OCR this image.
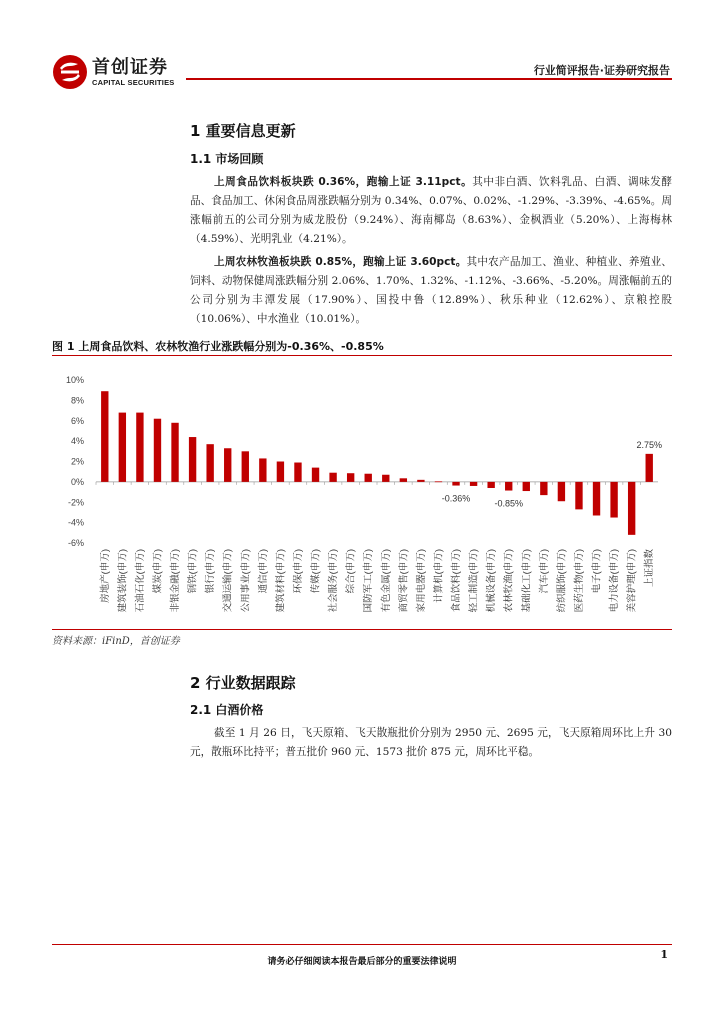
首创证券
CAPITAL SECURITIES
行业简评报告·证券研究报告
1 重要信息更新
1.1 市场回顾
上周食品饮料板块跌 0.36%，跑输上证 3.11pct。其中非白酒、饮料乳品、白酒、调味发酵品、食品加工、休闲食品周涨跌幅分别为 0.34%、0.07%、0.02%、-1.29%、-3.39%、-4.65%。周涨幅前五的公司分别为威龙股份（9.24%）、海南椰岛（8.63%）、金枫酒业（5.20%）、上海梅林（4.59%）、光明乳业（4.21%）。
上周农林牧渔板块跌 0.85%，跑输上证 3.60pct。其中农产品加工、渔业、种植业、养殖业、饲料、动物保健周涨跌幅分别 2.06%、1.70%、1.32%、-1.12%、-3.66%、-5.20%。周涨幅前五的公司分别为丰潭发展（17.90%）、国投中鲁（12.89%）、秋乐种业（12.62%）、京粮控股（10.06%）、中水渔业（10.01%）。
图 1 上周食品饮料、农林牧渔行业涨跌幅分别为-0.36%、-0.85%
10%
8%
6%
4%
2%
0%
-2%
-4%
-6%
-0.36%	-0.85%
2.75%
房地产(申万) 建筑装饰(申万) 石油石化(申万) 煤炭(申万) 非银金融(申万) 钢铁(申万) 银行(申万) 交通运输(申万) 公用事业(申万) 通信(申万) 建筑材料(申万) 环保(申万) 传媒(申万) 社会服务(申万) 综合(申万) 国防军工(申万) 有色金属(申万) 商贸零售(申万) 家用电器(申万) 计算机(申万) 食品饮料(申万) 轻工制造(申万) 机械设备(申万) 农林牧渔(申万) 基础化工(申万) 汽车(申万) 纺织服饰(申万) 医药生物(申万) 电子(申万) 电力设备(申万) 美容护理(申万) 上证指数
资料来源：iFinD，首创证券
2 行业数据跟踪
2.1 白酒价格
截至 1 月 26 日，飞天原箱、飞天散瓶批价分别为 2950 元、2695 元，飞天原箱周环比上升 30 元，散瓶环比持平；普五批价 960 元、1573 批价 875 元，周环比平稳。
1
请务必仔细阅读本报告最后部分的重要法律说明
